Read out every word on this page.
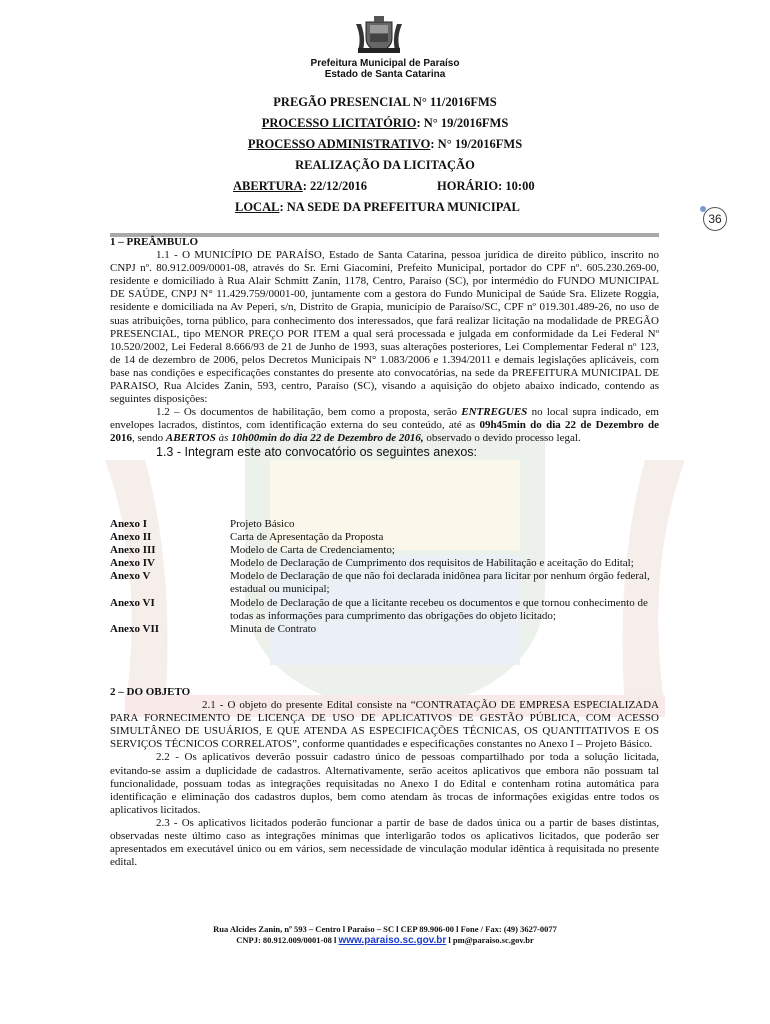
Prefeitura Municipal de Paraíso
Estado de Santa Catarina
PREGÃO PRESENCIAL N° 11/2016FMS
PROCESSO LICITATÓRIO: N° 19/2016FMS
PROCESSO ADMINISTRATIVO: N° 19/2016FMS
REALIZAÇÃO DA LICITAÇÃO
ABERTURA: 22/12/2016	HORÁRIO: 10:00
LOCAL: NA SEDE DA PREFEITURA MUNICIPAL
36

1 – PREÂMBULO

1.1 - O MUNICÍPIO DE PARAÍSO, Estado de Santa Catarina, pessoa jurídica de direito público, inscrito no CNPJ nº. 80.912.009/0001-08, através do Sr. Erni Giacomini, Prefeito Municipal, portador do CPF nº. 605.230.269-00, residente e domiciliado à Rua Alair Schmitt Zanin, 1178, Centro, Paraíso (SC), por intermédio do FUNDO MUNICIPAL DE SAÚDE, CNPJ N° 11.429.759/0001-00, juntamente com a gestora do Fundo Municipal de Saúde Sra. Elizete Roggia, residente e domiciliada na Av Peperi, s/n, Distrito de Grapia, município de Paraíso/SC, CPF nº 019.301.489-26, no uso de suas atribuições, torna público, para conhecimento dos interessados, que fará realizar licitação na modalidade de PREGÃO PRESENCIAL, tipo MENOR PREÇO POR ITEM a qual será processada e julgada em conformidade da Lei Federal Nº 10.520/2002, Lei Federal 8.666/93 de 21 de Junho de 1993, suas alterações posteriores, Lei Complementar Federal nº 123, de 14 de dezembro de 2006, pelos Decretos Municipais N° 1.083/2006 e 1.394/2011 e demais legislações aplicáveis, com base nas condições e especificações constantes do presente ato convocatórias, na sede da PREFEITURA MUNICIPAL DE PARAISO, Rua Alcides Zanin, 593, centro, Paraíso (SC), visando a aquisição do objeto abaixo indicado, contendo as seguintes disposições:

1.2 – Os documentos de habilitação, bem como a proposta, serão ENTREGUES no local supra indicado, em envelopes lacrados, distintos, com identificação externa do seu conteúdo, até as 09h45min do dia 22 de Dezembro de 2016, sendo ABERTOS às 10h00min do dia 22 de Dezembro de 2016, observado o devido processo legal.

1.3 - Integram este ato convocatório os seguintes anexos:

Anexo I	Projeto Básico
Anexo II	Carta de Apresentação da Proposta
Anexo III	Modelo de Carta de Credenciamento;
Anexo IV	Modelo de Declaração de Cumprimento dos requisitos de Habilitação e aceitação do Edital;
Anexo V	Modelo de Declaração de que não foi declarada inidônea para licitar por nenhum órgão federal, estadual ou municipal;
Anexo VI	Modelo de Declaração de que a licitante recebeu os documentos e que tornou conhecimento de todas as informações para cumprimento das obrigações do objeto licitado;
Anexo VII	Minuta de Contrato

2 – DO OBJETO

2.1 - O objeto do presente Edital consiste na “CONTRATAÇÃO DE EMPRESA ESPECIALIZADA PARA FORNECIMENTO DE LICENÇA DE USO DE APLICATIVOS DE GESTÃO PÚBLICA, COM ACESSO SIMULTÂNEO DE USUÁRIOS, E QUE ATENDA AS ESPECIFICAÇÕES TÉCNICAS, OS QUANTITATIVOS E OS SERVIÇOS TÉCNICOS CORRELATOS”, conforme quantidades e especificações constantes no Anexo I – Projeto Básico.

2.2 - Os aplicativos deverão possuir cadastro único de pessoas compartilhado por toda a solução licitada, evitando-se assim a duplicidade de cadastros. Alternativamente, serão aceitos aplicativos que embora não possuam tal funcionalidade, possuam todas as integrações requisitadas no Anexo I do Edital e contenham rotina automática para identificação e eliminação dos cadastros duplos, bem como atendam às trocas de informações exigidas entre todos os aplicativos licitados.

2.3 - Os aplicativos licitados poderão funcionar a partir de base de dados única ou a partir de bases distintas, observadas neste último caso as integrações mínimas que interligarão todos os aplicativos licitados, que poderão ser apresentados em executável único ou em vários, sem necessidade de vinculação modular idêntica à requisitada no presente edital.

Rua Alcides Zanin, nº 593 – Centro l Paraíso – SC l CEP 89.906-00 l Fone / Fax: (49) 3627-0077
CNPJ: 80.912.009/0001-08 l www.paraiso.sc.gov.br l pm@paraiso.sc.gov.br
